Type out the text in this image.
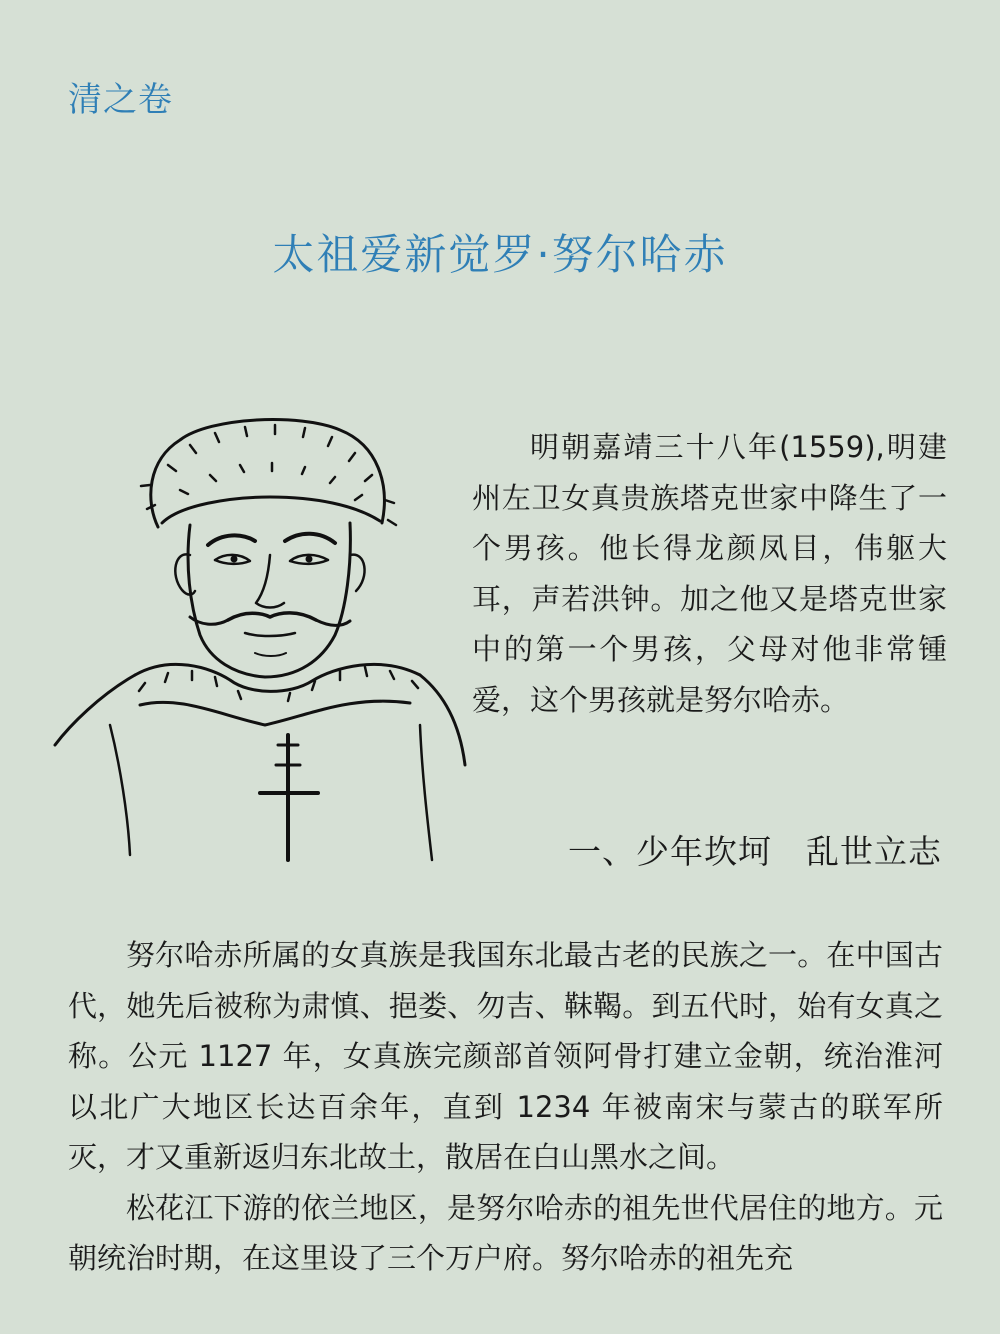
清之卷
太祖爱新觉罗·努尔哈赤

明朝嘉靖三十八年(1559),明建州左卫女真贵族塔克世家中降生了一个男孩。他长得龙颜凤目，伟躯大耳，声若洪钟。加之他又是塔克世家中的第一个男孩，父母对他非常锺爱，这个男孩就是努尔哈赤。

一、少年坎坷　乱世立志

努尔哈赤所属的女真族是我国东北最古老的民族之一。在中国古代，她先后被称为肃慎、挹娄、勿吉、靺鞨。到五代时，始有女真之称。公元 1127 年，女真族完颜部首领阿骨打建立金朝，统治淮河以北广大地区长达百余年，直到 1234 年被南宋与蒙古的联军所灭，才又重新返归东北故土，散居在白山黑水之间。

松花江下游的依兰地区，是努尔哈赤的祖先世代居住的地方。元朝统治时期，在这里设了三个万户府。努尔哈赤的祖先充
